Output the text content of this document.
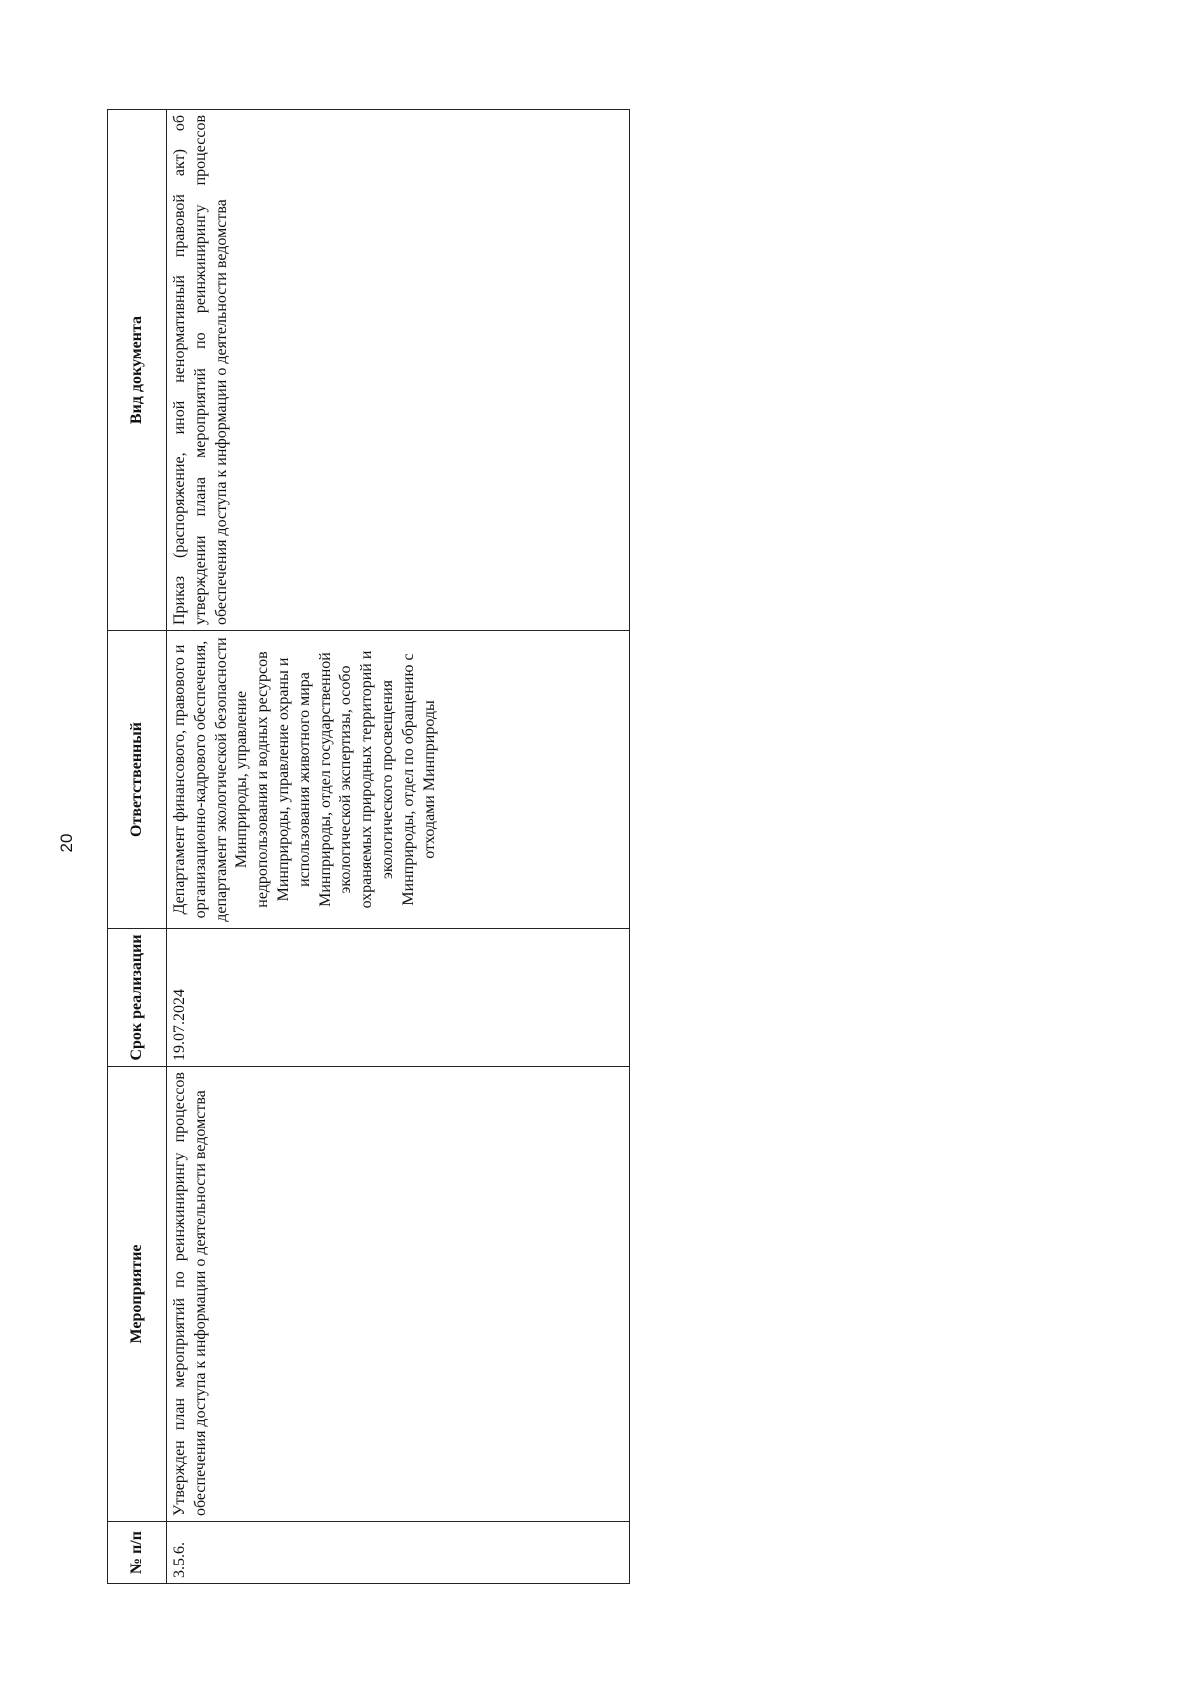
20
№ п/п	Мероприятие	Срок реализации	Ответственный	Вид документа
3.5.6.	Утвержден план мероприятий по реинжинирингу процессов обеспечения доступа к информации о деятельности ведомства	19.07.2024	Департамент финансового, правового и организационно-кадрового обеспечения, департамент экологической безопасности Минприроды, управление недропользования и водных ресурсов Минприроды, управление охраны и использования животного мира Минприроды, отдел государственной экологической экспертизы, особо охраняемых природных территорий и экологического просвещения Минприроды, отдел по обращению с отходами Минприроды	Приказ (распоряжение, иной ненормативный правовой акт) об утверждении плана мероприятий по реинжинирингу процессов обеспечения доступа к информации о деятельности ведомства
